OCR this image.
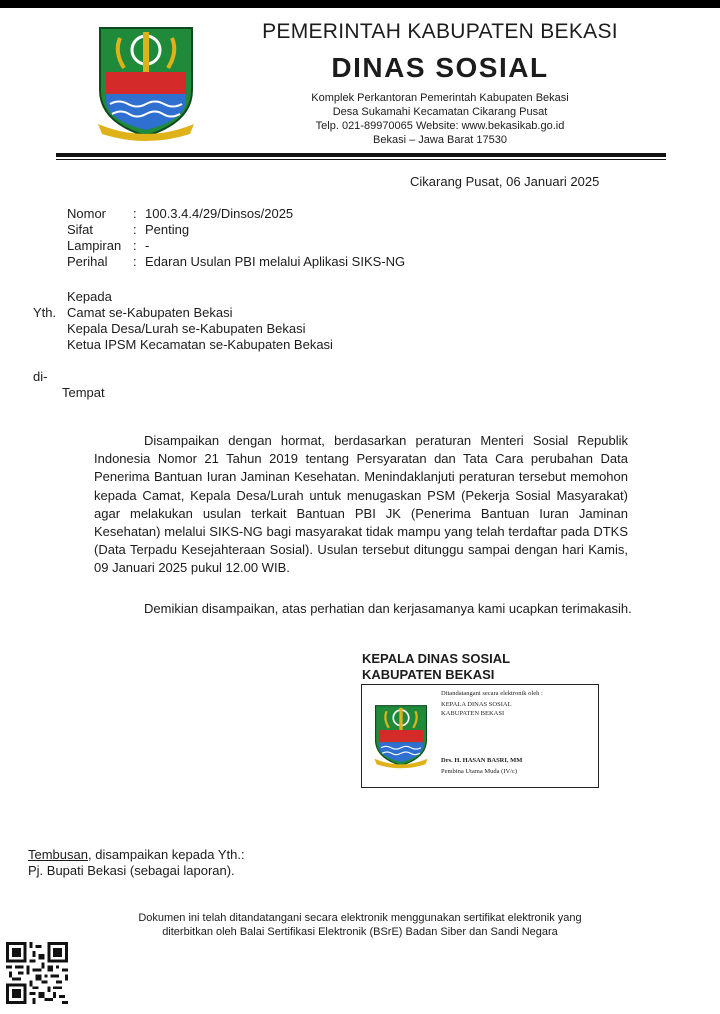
PEMERINTAH KABUPATEN BEKASI
DINAS SOSIAL
Komplek Perkantoran Pemerintah Kabupaten Bekasi
Desa Sukamahi Kecamatan Cikarang Pusat
Telp. 021-89970065 Website: www.bekasikab.go.id
Bekasi – Jawa Barat 17530
Cikarang Pusat, 06 Januari 2025
Nomor : 100.3.4.4/29/Dinsos/2025
Sifat	: Penting
Lampiran : -
Perihal : Edaran Usulan PBI melalui Aplikasi SIKS-NG
Kepada
Yth. Camat se-Kabupaten Bekasi
Kepala Desa/Lurah se-Kabupaten Bekasi
Ketua IPSM Kecamatan se-Kabupaten Bekasi
di-
Tempat
Disampaikan dengan hormat, berdasarkan peraturan Menteri Sosial Republik Indonesia Nomor 21 Tahun 2019 tentang Persyaratan dan Tata Cara perubahan Data Penerima Bantuan Iuran Jaminan Kesehatan. Menindaklanjuti peraturan tersebut memohon kepada Camat, Kepala Desa/Lurah untuk menugaskan PSM (Pekerja Sosial Masyarakat) agar melakukan usulan terkait Bantuan PBI JK (Penerima Bantuan Iuran Jaminan Kesehatan) melalui SIKS-NG bagi masyarakat tidak mampu yang telah terdaftar pada DTKS (Data Terpadu Kesejahteraan Sosial). Usulan tersebut ditunggu sampai dengan hari Kamis, 09 Januari 2025 pukul 12.00 WIB.
Demikian disampaikan, atas perhatian dan kerjasamanya kami ucapkan terimakasih.
KEPALA DINAS SOSIAL
KABUPATEN BEKASI
Ditandatangani secara elektronik oleh :
KEPALA DINAS SOSIAL
KABUPATEN BEKASI
Drs. H. HASAN BASRI, MM
Pembina Utama Muda (IV/c)
Tembusan, disampaikan kepada Yth.:
Pj. Bupati Bekasi (sebagai laporan).
Dokumen ini telah ditandatangani secara elektronik menggunakan sertifikat elektronik yang
diterbitkan oleh Balai Sertifikasi Elektronik (BSrE) Badan Siber dan Sandi Negara
